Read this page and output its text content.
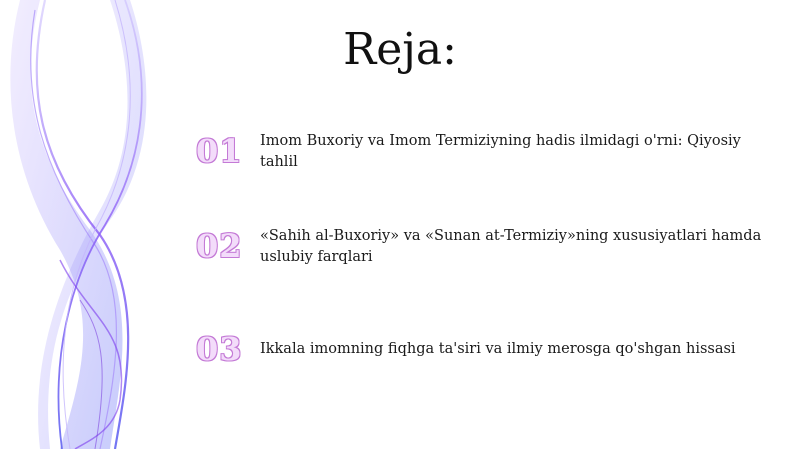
Reja:
01	Imom Buxoriy va Imom Termiziyning hadis ilmidagi o'rni: Qiyosiy tahlil
02	«Sahih al-Buxoriy» va «Sunan at-Termiziy»ning xususiyatlari hamda uslubiy farqlari
03	Ikkala imomning fiqhga ta'siri va ilmiy merosga qo'shgan hissasi
